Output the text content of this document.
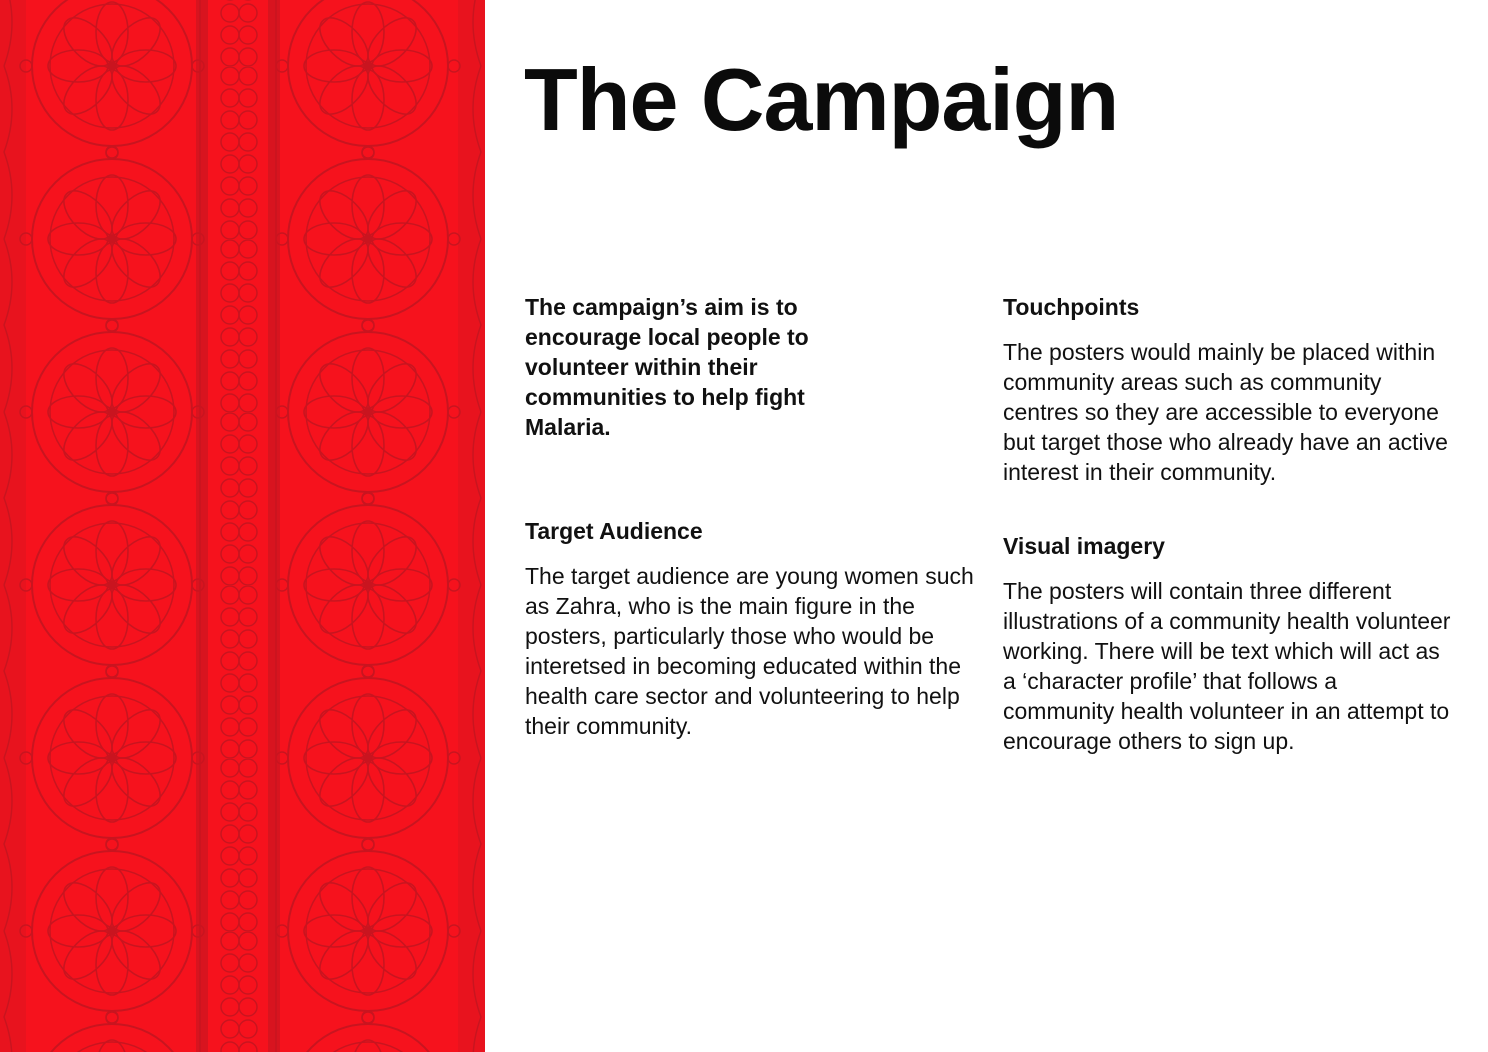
The Campaign

The campaign’s aim is to encourage local people to volunteer within their communities to help fight Malaria.

Target Audience

The target audience are young women such as Zahra, who is the main figure in the posters, particularly those who would be interetsed in becoming educated within the health care sector and volunteering to help their community.

Touchpoints

The posters would mainly be placed within community areas such as community centres so they are accessible to everyone but target those who already have an active interest in their community.

Visual imagery

The posters will contain three different illustrations of a community health volunteer working. There will be text which will act as a ‘character profile’ that follows a community health volunteer in an attempt to encourage others to sign up.
